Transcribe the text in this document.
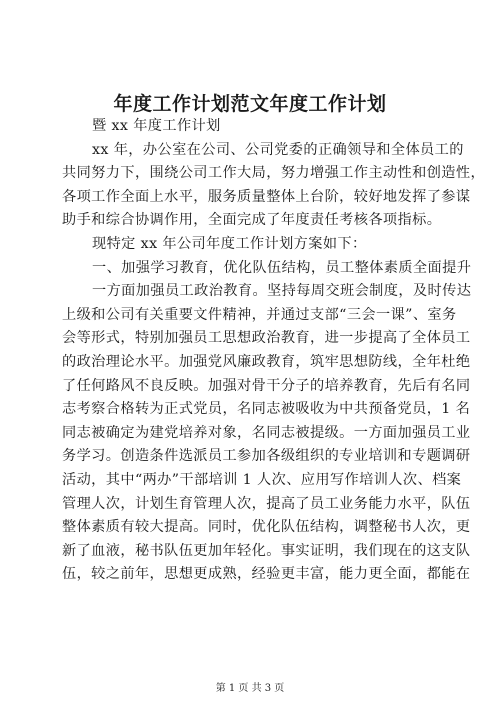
年度工作计划范文年度工作计划
暨 xx 年度工作计划
xx 年，办公室在公司、公司党委的正确领导和全体员工的
共同努力下，围绕公司工作大局，努力增强工作主动性和创造性，
各项工作全面上水平，服务质量整体上台阶，较好地发挥了参谋
助手和综合协调作用，全面完成了年度责任考核各项指标。
现特定 xx 年公司年度工作计划方案如下：
一、加强学习教育，优化队伍结构，员工整体素质全面提升
一方面加强员工政治教育。坚持每周交班会制度，及时传达
上级和公司有关重要文件精神，并通过支部“三会一课”、室务
会等形式，特别加强员工思想政治教育，进一步提高了全体员工
的政治理论水平。加强党风廉政教育，筑牢思想防线，全年杜绝
了任何路风不良反映。加强对骨干分子的培养教育，先后有名同
志考察合格转为正式党员，名同志被吸收为中共预备党员，1 名
同志被确定为建党培养对象，名同志被提级。一方面加强员工业
务学习。创造条件选派员工参加各级组织的专业培训和专题调研
活动，其中“两办”干部培训 1 人次、应用写作培训人次、档案
管理人次，计划生育管理人次，提高了员工业务能力水平，队伍
整体素质有较大提高。同时，优化队伍结构，调整秘书人次，更
新了血液，秘书队伍更加年轻化。事实证明，我们现在的这支队
伍，较之前年，思想更成熟，经验更丰富，能力更全面，都能在
第 1 页 共 3 页
